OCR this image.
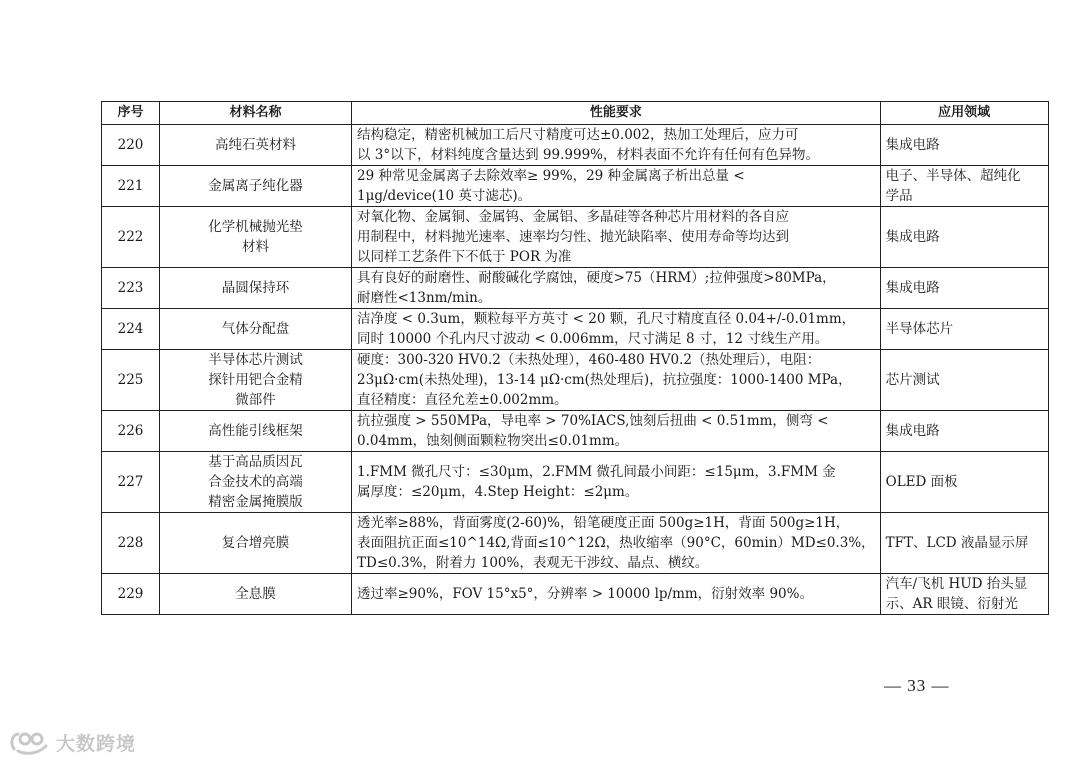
序号	材料名称	性能要求	应用领域
220	高纯石英材料	结构稳定，精密机械加工后尺寸精度可达±0.002，热加工处理后，应力可
以 3°以下，材料纯度含量达到 99.999%，材料表面不允许有任何有色异物。	集成电路

221	金属离子纯化器	29 种常见金属离子去除效率≥ 99%，29 种金属离子析出总量 <
1μg/device(10 英寸滤芯)。	电子、半导体、超纯化
学品

222	化学机械抛光垫
材料	对氧化物、金属铜、金属钨、金属铝、多晶硅等各种芯片用材料的各自应
用制程中，材料抛光速率、速率均匀性、抛光缺陷率、使用寿命等均达到
以同样工艺条件下不低于 POR 为准	集成电路

223	晶圆保持环	具有良好的耐磨性、耐酸碱化学腐蚀，硬度>75（HRM）;拉伸强度>80MPa，
耐磨性<13nm/min。	集成电路

224	气体分配盘	洁净度 < 0.3um，颗粒每平方英寸 < 20 颗，孔尺寸精度直径 0.04+/-0.01mm，
同时 10000 个孔内尺寸波动 < 0.006mm，尺寸满足 8 寸，12 寸线生产用。	半导体芯片

225	半导体芯片测试
探针用钯合金精
微部件	硬度：300-320 HV0.2（未热处理），460-480 HV0.2（热处理后），电阻：
23μΩ·cm(未热处理)，13-14 μΩ·cm(热处理后)，抗拉强度：1000-1400 MPa，
直径精度：直径允差±0.002mm。	芯片测试

226	高性能引线框架	抗拉强度 > 550MPa，导电率 > 70%IACS,蚀刻后扭曲 < 0.51mm，侧弯 <
0.04mm，蚀刻侧面颗粒物突出≤0.01mm。	集成电路

227	基于高品质因瓦
合金技术的高端
精密金属掩膜版	1.FMM 微孔尺寸：≤30μm，2.FMM 微孔间最小间距：≤15μm，3.FMM 金
属厚度：≤20μm，4.Step Height：≤2μm。	OLED 面板

228	复合增亮膜	透光率≥88%，背面雾度(2-60)%，铅笔硬度正面 500g≥1H，背面 500g≥1H，
表面阻抗正面≤10^14Ω,背面≤10^12Ω，热收缩率（90°C，60min）MD≤0.3%，
TD≤0.3%，附着力 100%，表观无干涉纹、晶点、横纹。	TFT、LCD 液晶显示屏

229	全息膜	透过率≥90%，FOV 15°x5°，分辨率 > 10000 lp/mm，衍射效率 90%。	汽车/飞机 HUD 抬头显
示、AR 眼镜、衍射光
— 33 —
大数跨境
